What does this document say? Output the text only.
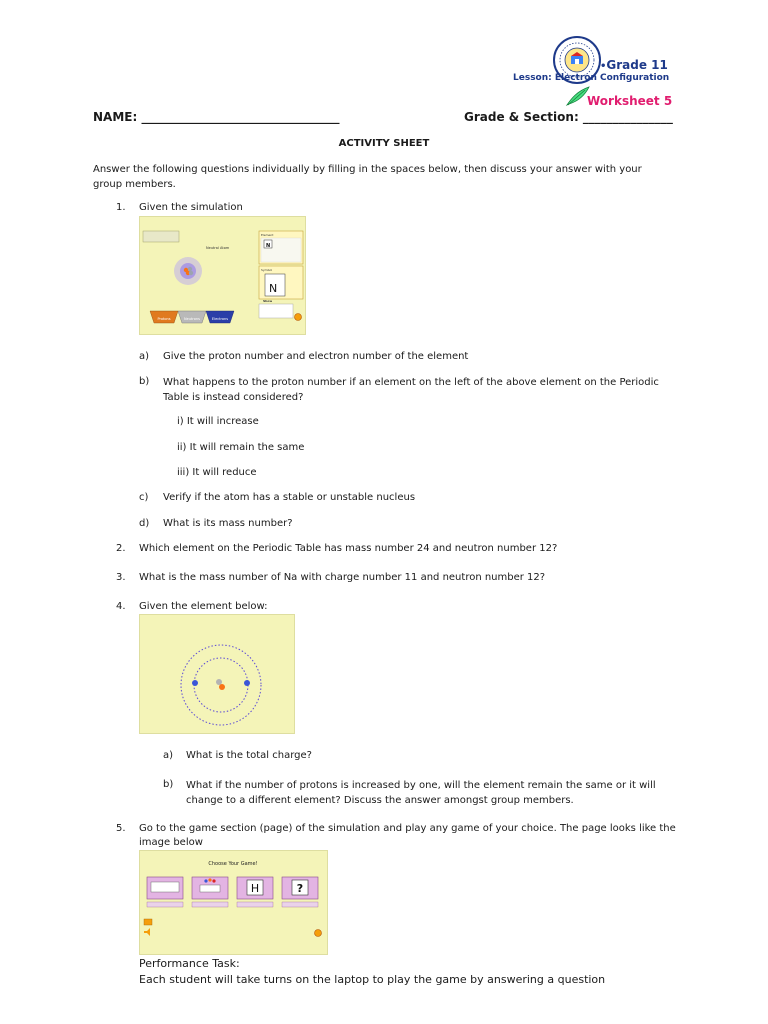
•Grade 11
Lesson: Electron Configuration
Worksheet 5
NAME: _________________________________	Grade & Section: _______________
ACTIVITY SHEET
Answer the following questions individually by filling in the spaces below, then discuss your answer with your group members.
1. Given the simulation
Neutral Atom
Element
N
Symbol
N
Show
Protons	Neutrons	Electrons
a) Give the proton number and electron number of the element
b) What happens to the proton number if an element on the left of the above element on the Periodic Table is instead considered?
i) It will increase
ii) It will remain the same
iii) It will reduce
c) Verify if the atom has a stable or unstable nucleus
d) What is its mass number?
2. Which element on the Periodic Table has mass number 24 and neutron number 12?
3. What is the mass number of Na with charge number 11 and neutron number 12?
4. Given the element below:
a) What is the total charge?
b) What if the number of protons is increased by one, will the element remain the same or it will change to a different element? Discuss the answer amongst group members.
5. Go to the game section (page) of the simulation and play any game of your choice. The page looks like the image below
Choose Your Game!
H	?
Performance Task:
Each student will take turns on the laptop to play the game by answering a question
